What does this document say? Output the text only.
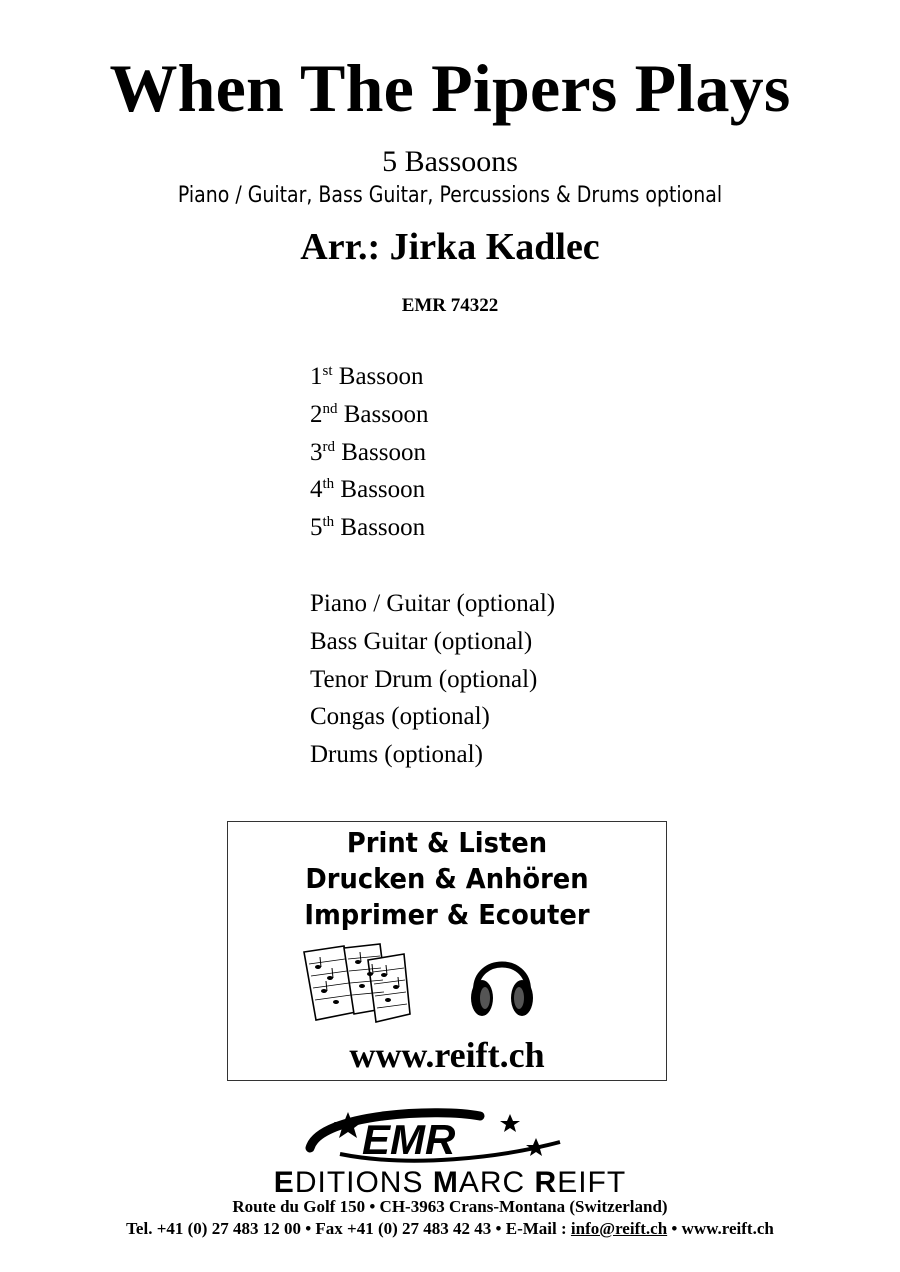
When The Pipers Plays
5 Bassoons
Piano / Guitar, Bass Guitar, Percussions & Drums optional
Arr.: Jirka Kadlec
EMR 74322
1st Bassoon
2nd Bassoon
3rd Bassoon
4th Bassoon
5th Bassoon
Piano / Guitar (optional)
Bass Guitar (optional)
Tenor Drum (optional)
Congas (optional)
Drums (optional)
Print & Listen
Drucken & Anhören
Imprimer & Ecouter
www.reift.ch
EMR
EDITIONS MARC REIFT
Route du Golf 150 • CH-3963 Crans-Montana (Switzerland)
Tel. +41 (0) 27 483 12 00 • Fax +41 (0) 27 483 42 43 • E-Mail : info@reift.ch • www.reift.ch
